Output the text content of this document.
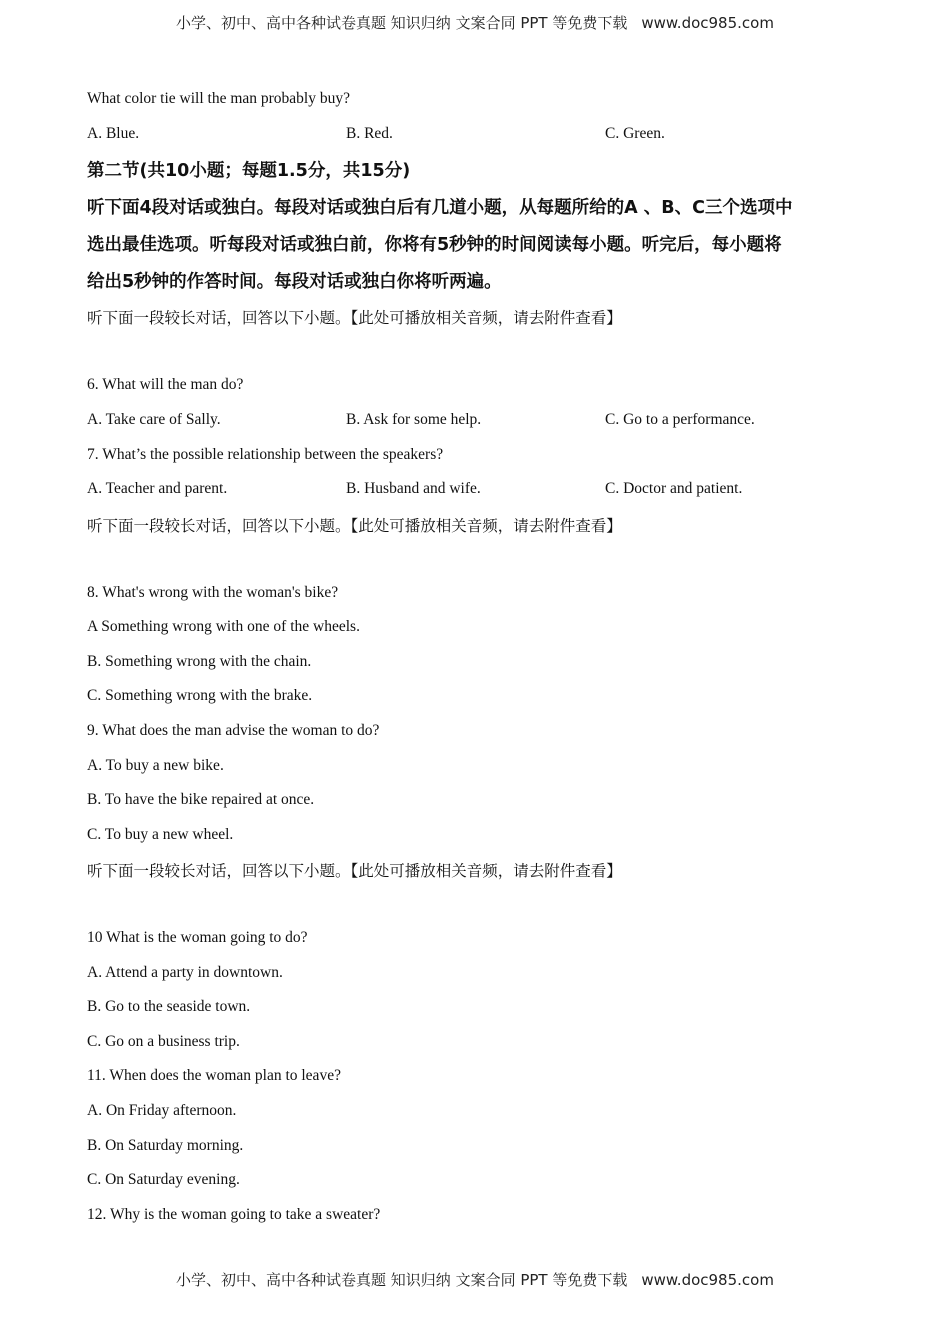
小学、初中、高中各种试卷真题 知识归纳 文案合同 PPT 等免费下载 www.doc985.com
What color tie will the man probably buy?
A. Blue.	B. Red.	C. Green.
第二节(共10小题；每题1.5分，共15分)
听下面4段对话或独白。每段对话或独白后有几道小题，从每题所给的A 、B、C三个选项中
选出最佳选项。听每段对话或独白前，你将有5秒钟的时间阅读每小题。听完后，每小题将
给出5秒钟的作答时间。每段对话或独白你将听两遍。
听下面一段较长对话，回答以下小题。【此处可播放相关音频，请去附件查看】
6. What will the man do?
A. Take care of Sally.	B. Ask for some help.	C. Go to a performance.
7. What’s the possible relationship between the speakers?
A. Teacher and parent.	B. Husband and wife.	C. Doctor and patient.
听下面一段较长对话，回答以下小题。【此处可播放相关音频，请去附件查看】
8. What's wrong with the woman's bike?
A Something wrong with one of the wheels.
B. Something wrong with the chain.
C. Something wrong with the brake.
9. What does the man advise the woman to do?
A. To buy a new bike.
B. To have the bike repaired at once.
C. To buy a new wheel.
听下面一段较长对话，回答以下小题。【此处可播放相关音频，请去附件查看】
10 What is the woman going to do?
A. Attend a party in downtown.
B. Go to the seaside town.
C. Go on a business trip.
11. When does the woman plan to leave?
A. On Friday afternoon.
B. On Saturday morning.
C. On Saturday evening.
12. Why is the woman going to take a sweater?
小学、初中、高中各种试卷真题 知识归纳 文案合同 PPT 等免费下载 www.doc985.com
